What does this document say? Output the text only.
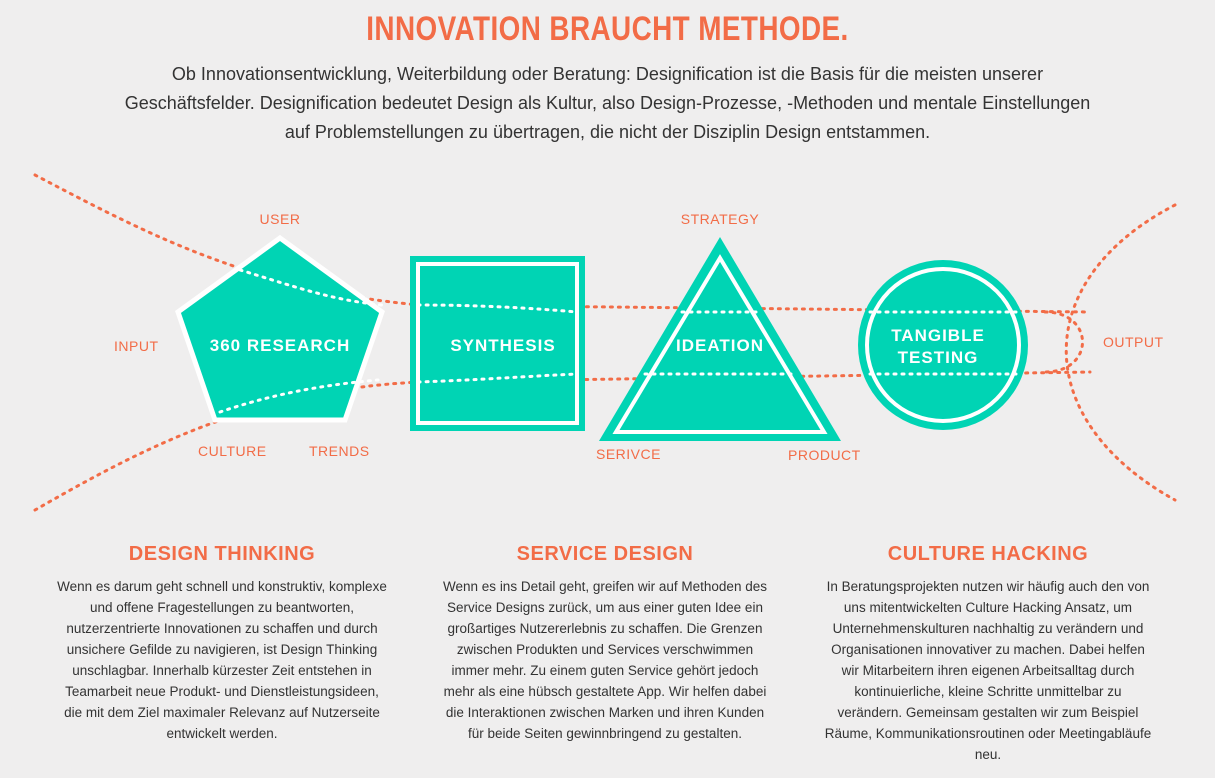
INNOVATION BRAUCHT METHODE.
Ob Innovationsentwicklung, Weiterbildung oder Beratung: Designification ist die Basis für die meisten unserer
Geschäftsfelder. Designification bedeutet Design als Kultur, also Design-Prozesse, -Methoden und mentale Einstellungen
auf Problemstellungen zu übertragen, die nicht der Disziplin Design entstammen.
360 RESEARCH	SYNTHESIS	IDEATION
TANGIBLE
TESTING
INPUT	OUTPUT
USER
CULTURE	TRENDS
STRATEGY
SERIVCE	PRODUCT
DESIGN THINKING

Wenn es darum geht schnell und konstruktiv, komplexe
und offene Fragestellungen zu beantworten,
nutzerzentrierte Innovationen zu schaffen und durch
unsichere Gefilde zu navigieren, ist Design Thinking
unschlagbar. Innerhalb kürzester Zeit entstehen in
Teamarbeit neue Produkt- und Dienstleistungsideen,
die mit dem Ziel maximaler Relevanz auf Nutzerseite
entwickelt werden.

SERVICE DESIGN

Wenn es ins Detail geht, greifen wir auf Methoden des
Service Designs zurück, um aus einer guten Idee ein
großartiges Nutzererlebnis zu schaffen. Die Grenzen
zwischen Produkten und Services verschwimmen
immer mehr. Zu einem guten Service gehört jedoch
mehr als eine hübsch gestaltete App. Wir helfen dabei
die Interaktionen zwischen Marken und ihren Kunden
für beide Seiten gewinnbringend zu gestalten.

CULTURE HACKING

In Beratungsprojekten nutzen wir häufig auch den von
uns mitentwickelten Culture Hacking Ansatz, um
Unternehmenskulturen nachhaltig zu verändern und
Organisationen innovativer zu machen. Dabei helfen
wir Mitarbeitern ihren eigenen Arbeitsalltag durch
kontinuierliche, kleine Schritte unmittelbar zu
verändern. Gemeinsam gestalten wir zum Beispiel
Räume, Kommunikationsroutinen oder Meetingabläufe
neu.
